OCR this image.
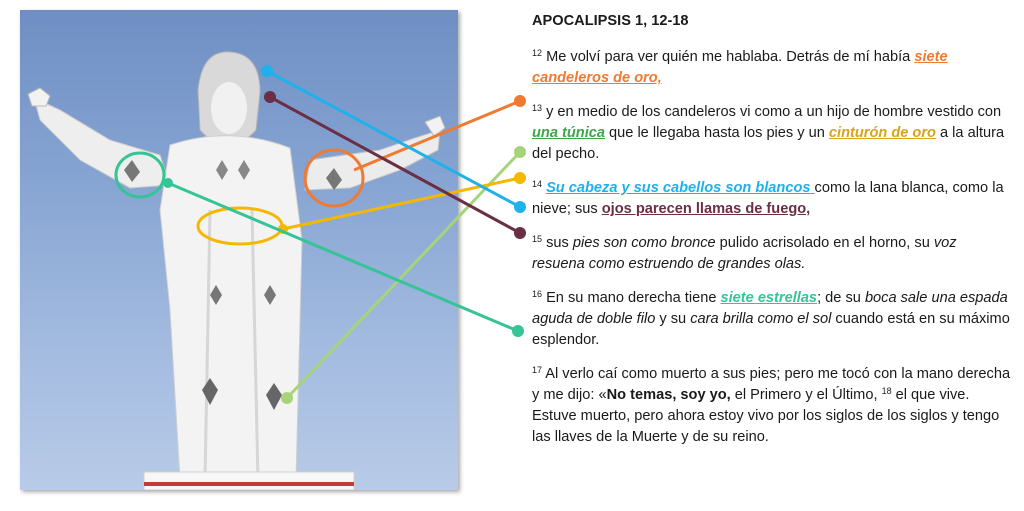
APOCALIPSIS 1, 12-18

$^{12}$ Me volví para ver quién me hablaba. Detrás de mí había siete candeleros de oro,

$^{13}$ y en medio de los candeleros vi como a un hijo de hombre vestido con una túnica que le llegaba hasta los pies y un cinturón de oro a la altura del pecho.

$^{14}$ Su cabeza y sus cabellos son blancos como la lana blanca, como la nieve; sus ojos parecen llamas de fuego,

$^{15}$ sus pies son como bronce pulido acrisolado en el horno, su voz resuena como estruendo de grandes olas.

$^{16}$ En su mano derecha tiene siete estrellas; de su boca sale una espada aguda de doble filo y su cara brilla como el sol cuando está en su máximo esplendor.

$^{17}$ Al verlo caí como muerto a sus pies; pero me tocó con la mano derecha y me dijo: «No temas, soy yo, el Primero y el Último, $^{18}$ el que vive. Estuve muerto, pero ahora estoy vivo por los siglos de los siglos y tengo las llaves de la Muerte y de su reino.
